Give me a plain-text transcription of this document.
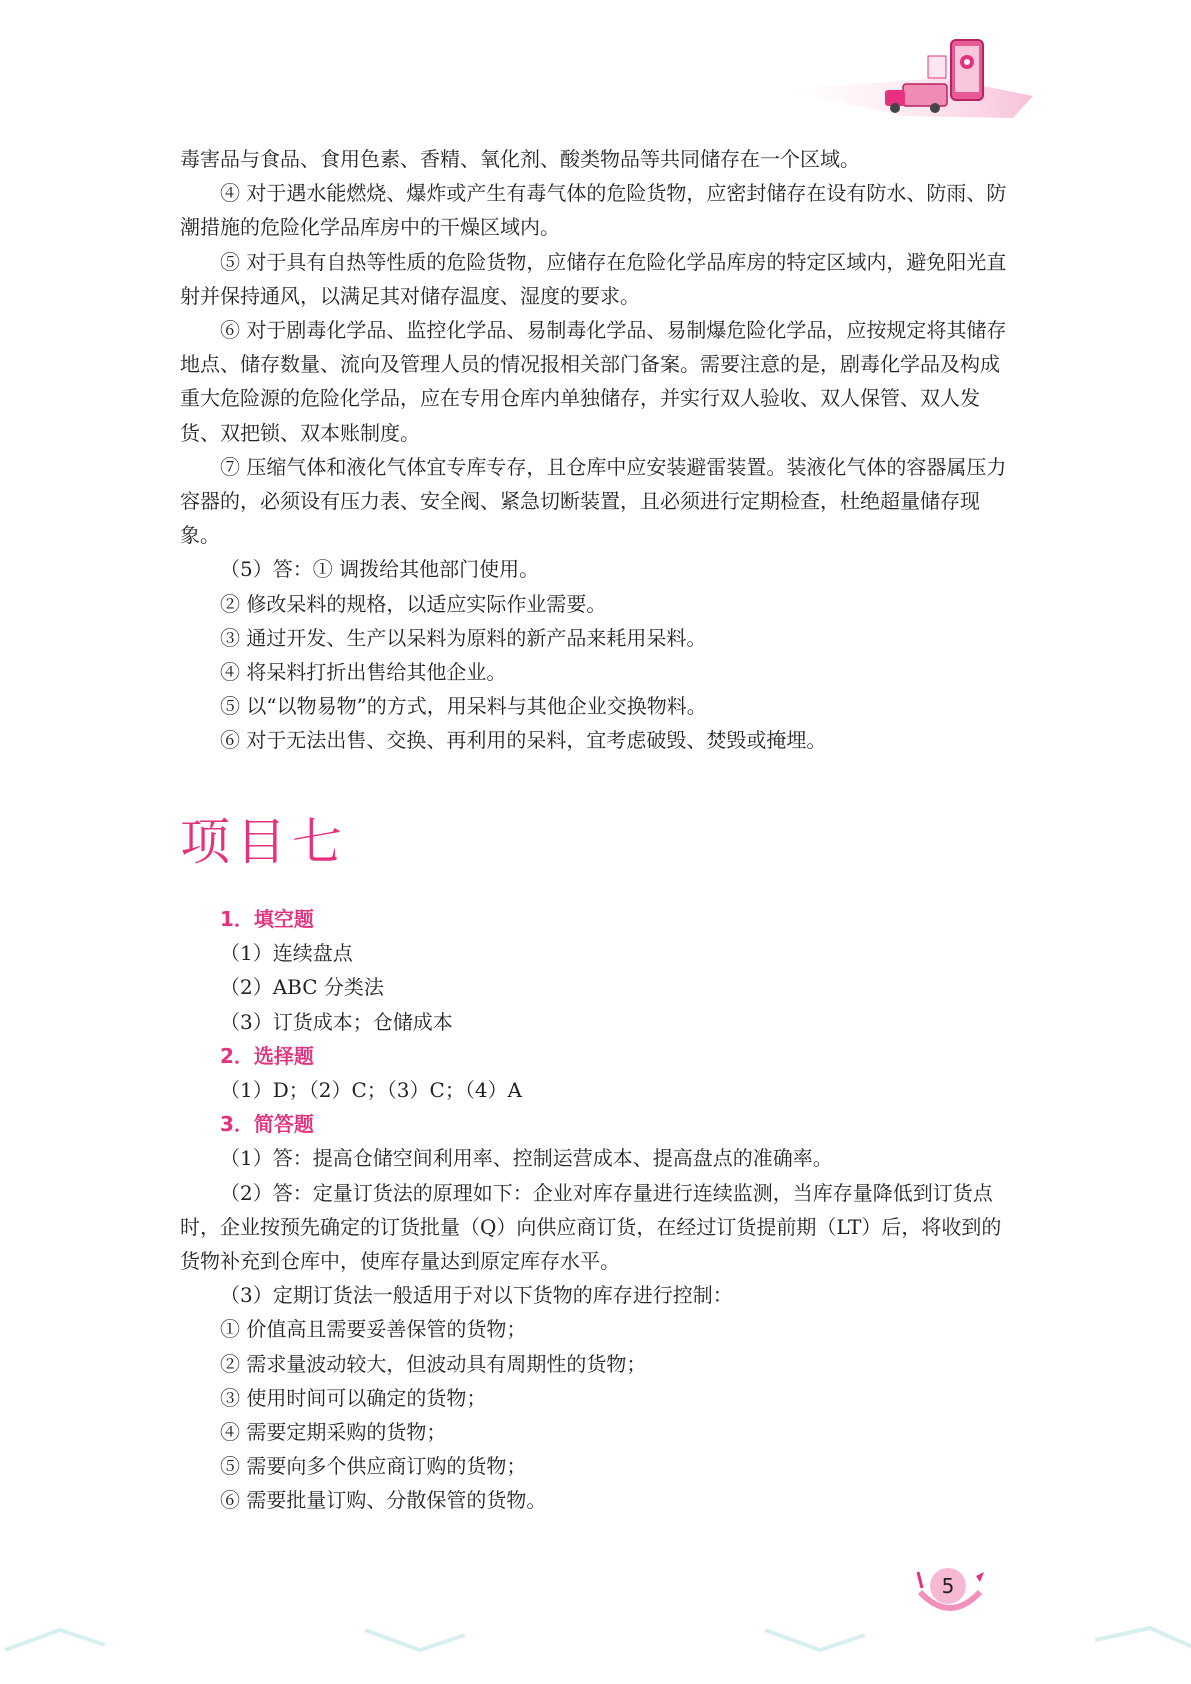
毒害品与食品、食用色素、香精、氧化剂、酸类物品等共同储存在一个区域。

④ 对于遇水能燃烧、爆炸或产生有毒气体的危险货物，应密封储存在设有防水、防雨、防潮措施的危险化学品库房中的干燥区域内。

⑤ 对于具有自热等性质的危险货物，应储存在危险化学品库房的特定区域内，避免阳光直射并保持通风，以满足其对储存温度、湿度的要求。

⑥ 对于剧毒化学品、监控化学品、易制毒化学品、易制爆危险化学品，应按规定将其储存地点、储存数量、流向及管理人员的情况报相关部门备案。需要注意的是，剧毒化学品及构成重大危险源的危险化学品，应在专用仓库内单独储存，并实行双人验收、双人保管、双人发货、双把锁、双本账制度。

⑦ 压缩气体和液化气体宜专库专存，且仓库中应安装避雷装置。装液化气体的容器属压力容器的，必须设有压力表、安全阀、紧急切断装置，且必须进行定期检查，杜绝超量储存现象。

（5）答：① 调拨给其他部门使用。

② 修改呆料的规格，以适应实际作业需要。

③ 通过开发、生产以呆料为原料的新产品来耗用呆料。

④ 将呆料打折出售给其他企业。

⑤ 以“以物易物”的方式，用呆料与其他企业交换物料。

⑥ 对于无法出售、交换、再利用的呆料，宜考虑破毁、焚毁或掩埋。

项目七

1．填空题

（1）连续盘点

（2）ABC 分类法

（3）订货成本；仓储成本

2．选择题

（1）D；（2）C；（3）C；（4）A

3．简答题

（1）答：提高仓储空间利用率、控制运营成本、提高盘点的准确率。

（2）答：定量订货法的原理如下：企业对库存量进行连续监测，当库存量降低到订货点时，企业按预先确定的订货批量（Q）向供应商订货，在经过订货提前期（LT）后，将收到的货物补充到仓库中，使库存量达到原定库存水平。

（3）定期订货法一般适用于对以下货物的库存进行控制：

① 价值高且需要妥善保管的货物；

② 需求量波动较大，但波动具有周期性的货物；

③ 使用时间可以确定的货物；

④ 需要定期采购的货物；

⑤ 需要向多个供应商订购的货物；

⑥ 需要批量订购、分散保管的货物。

5
